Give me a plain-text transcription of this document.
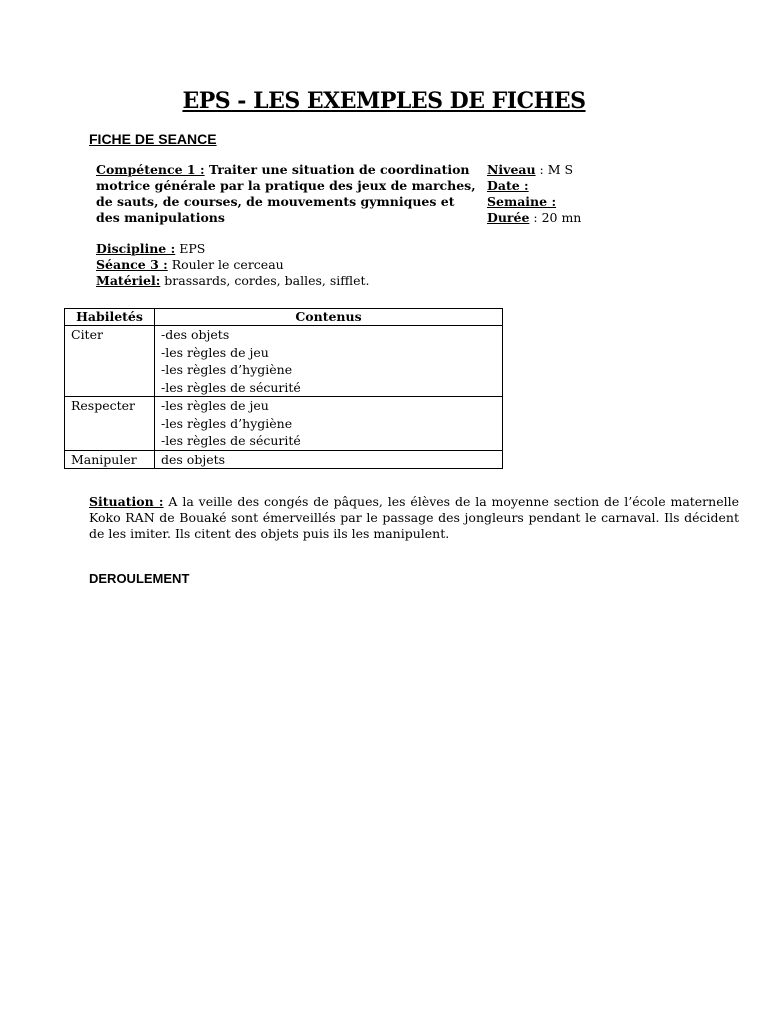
EPS - LES EXEMPLES DE FICHES
FICHE DE SEANCE
Compétence 1 : Traiter une situation de coordination motrice générale par la pratique des jeux de marches, de sauts, de courses, de mouvements gymniques et des manipulations
Niveau : M S
Date :
Semaine :
Durée : 20 mn
Discipline : EPS
Séance 3 : Rouler le cerceau
Matériel: brassards, cordes, balles, sifflet.
Habiletés	Contenus
Citer	-des objets
-les règles de jeu
-les règles d’hygiène
-les règles de sécurité

Respecter	-les règles de jeu
-les règles d’hygiène
-les règles de sécurité

Manipuler	des objets
Situation : A la veille des congés de pâques, les élèves de la moyenne section de l’école maternelle Koko RAN de Bouaké sont émerveillés par le passage des jongleurs pendant le carnaval. Ils décident de les imiter. Ils citent des objets puis ils les manipulent.
DEROULEMENT
